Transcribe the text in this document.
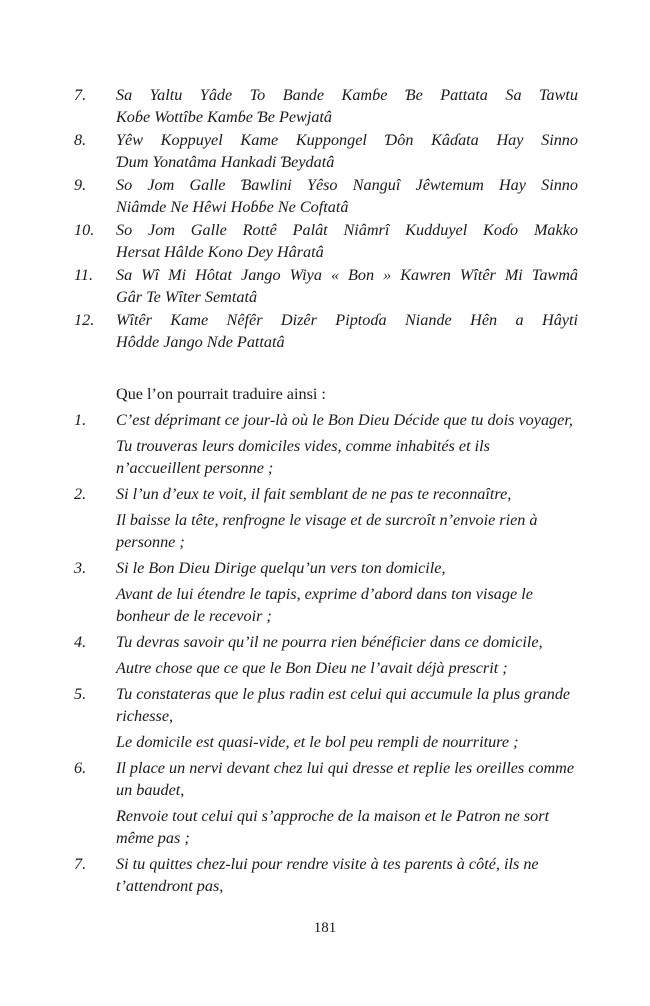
7.	Sa Yaltu Yâde To Bande Kamɓe Ɓe Pattata Sa Tawtu
Koɓe Wottîbe Kamɓe Ɓe Pewjatâ
8.	Yêw Koppuyel Kame Kuppongel Ɗôn Kâɗata Hay Sinno
Ɗum Yonatâma Hankadi Ɓeydatâ
9.	So Jom Galle Ɓawlini Yêso Nanguî Jêwtemum Hay Sinno
Niâmde Ne Hêwi Hoɓɓe Ne Coftatâ
10.	So Jom Galle Rottê Palât Niâmrî Kudduyel Koɗo Makko
Hersat Hâlde Kono Dey Hâratâ
11.	Sa Wî Mi Hôtat Jango Wiya « Bon » Kawren Wîtêr Mi Tawmâ
Gâr Te Wîter Semtatâ
12.	Wîtêr Kame Nêfêr Dizêr Piptoɗa Niande Hên a Hâyti
Hôdde Jango Nde Pattatâ
Que l’on pourrait traduire ainsi :
1.	C’est déprimant ce jour-là où le Bon Dieu Décide que tu dois voyager,
Tu trouveras leurs domiciles vides, comme inhabités et ils n’accueillent personne ;
2.	Si l’un d’eux te voit, il fait semblant de ne pas te reconnaître,
Il baisse la tête, renfrogne le visage et de surcroît n’envoie rien à personne ;
3.	Si le Bon Dieu Dirige quelqu’un vers ton domicile,
Avant de lui étendre le tapis, exprime d’abord dans ton visage le bonheur de le recevoir ;
4.	Tu devras savoir qu’il ne pourra rien bénéficier dans ce domicile,
Autre chose que ce que le Bon Dieu ne l’avait déjà prescrit ;
5.	Tu constateras que le plus radin est celui qui accumule la plus grande richesse,
Le domicile est quasi-vide, et le bol peu rempli de nourriture ;
6.	Il place un nervi devant chez lui qui dresse et replie les oreilles comme un baudet,
Renvoie tout celui qui s’approche de la maison et le Patron ne sort même pas ;
7.	Si tu quittes chez-lui pour rendre visite à tes parents à côté, ils ne t’attendront pas,
181
